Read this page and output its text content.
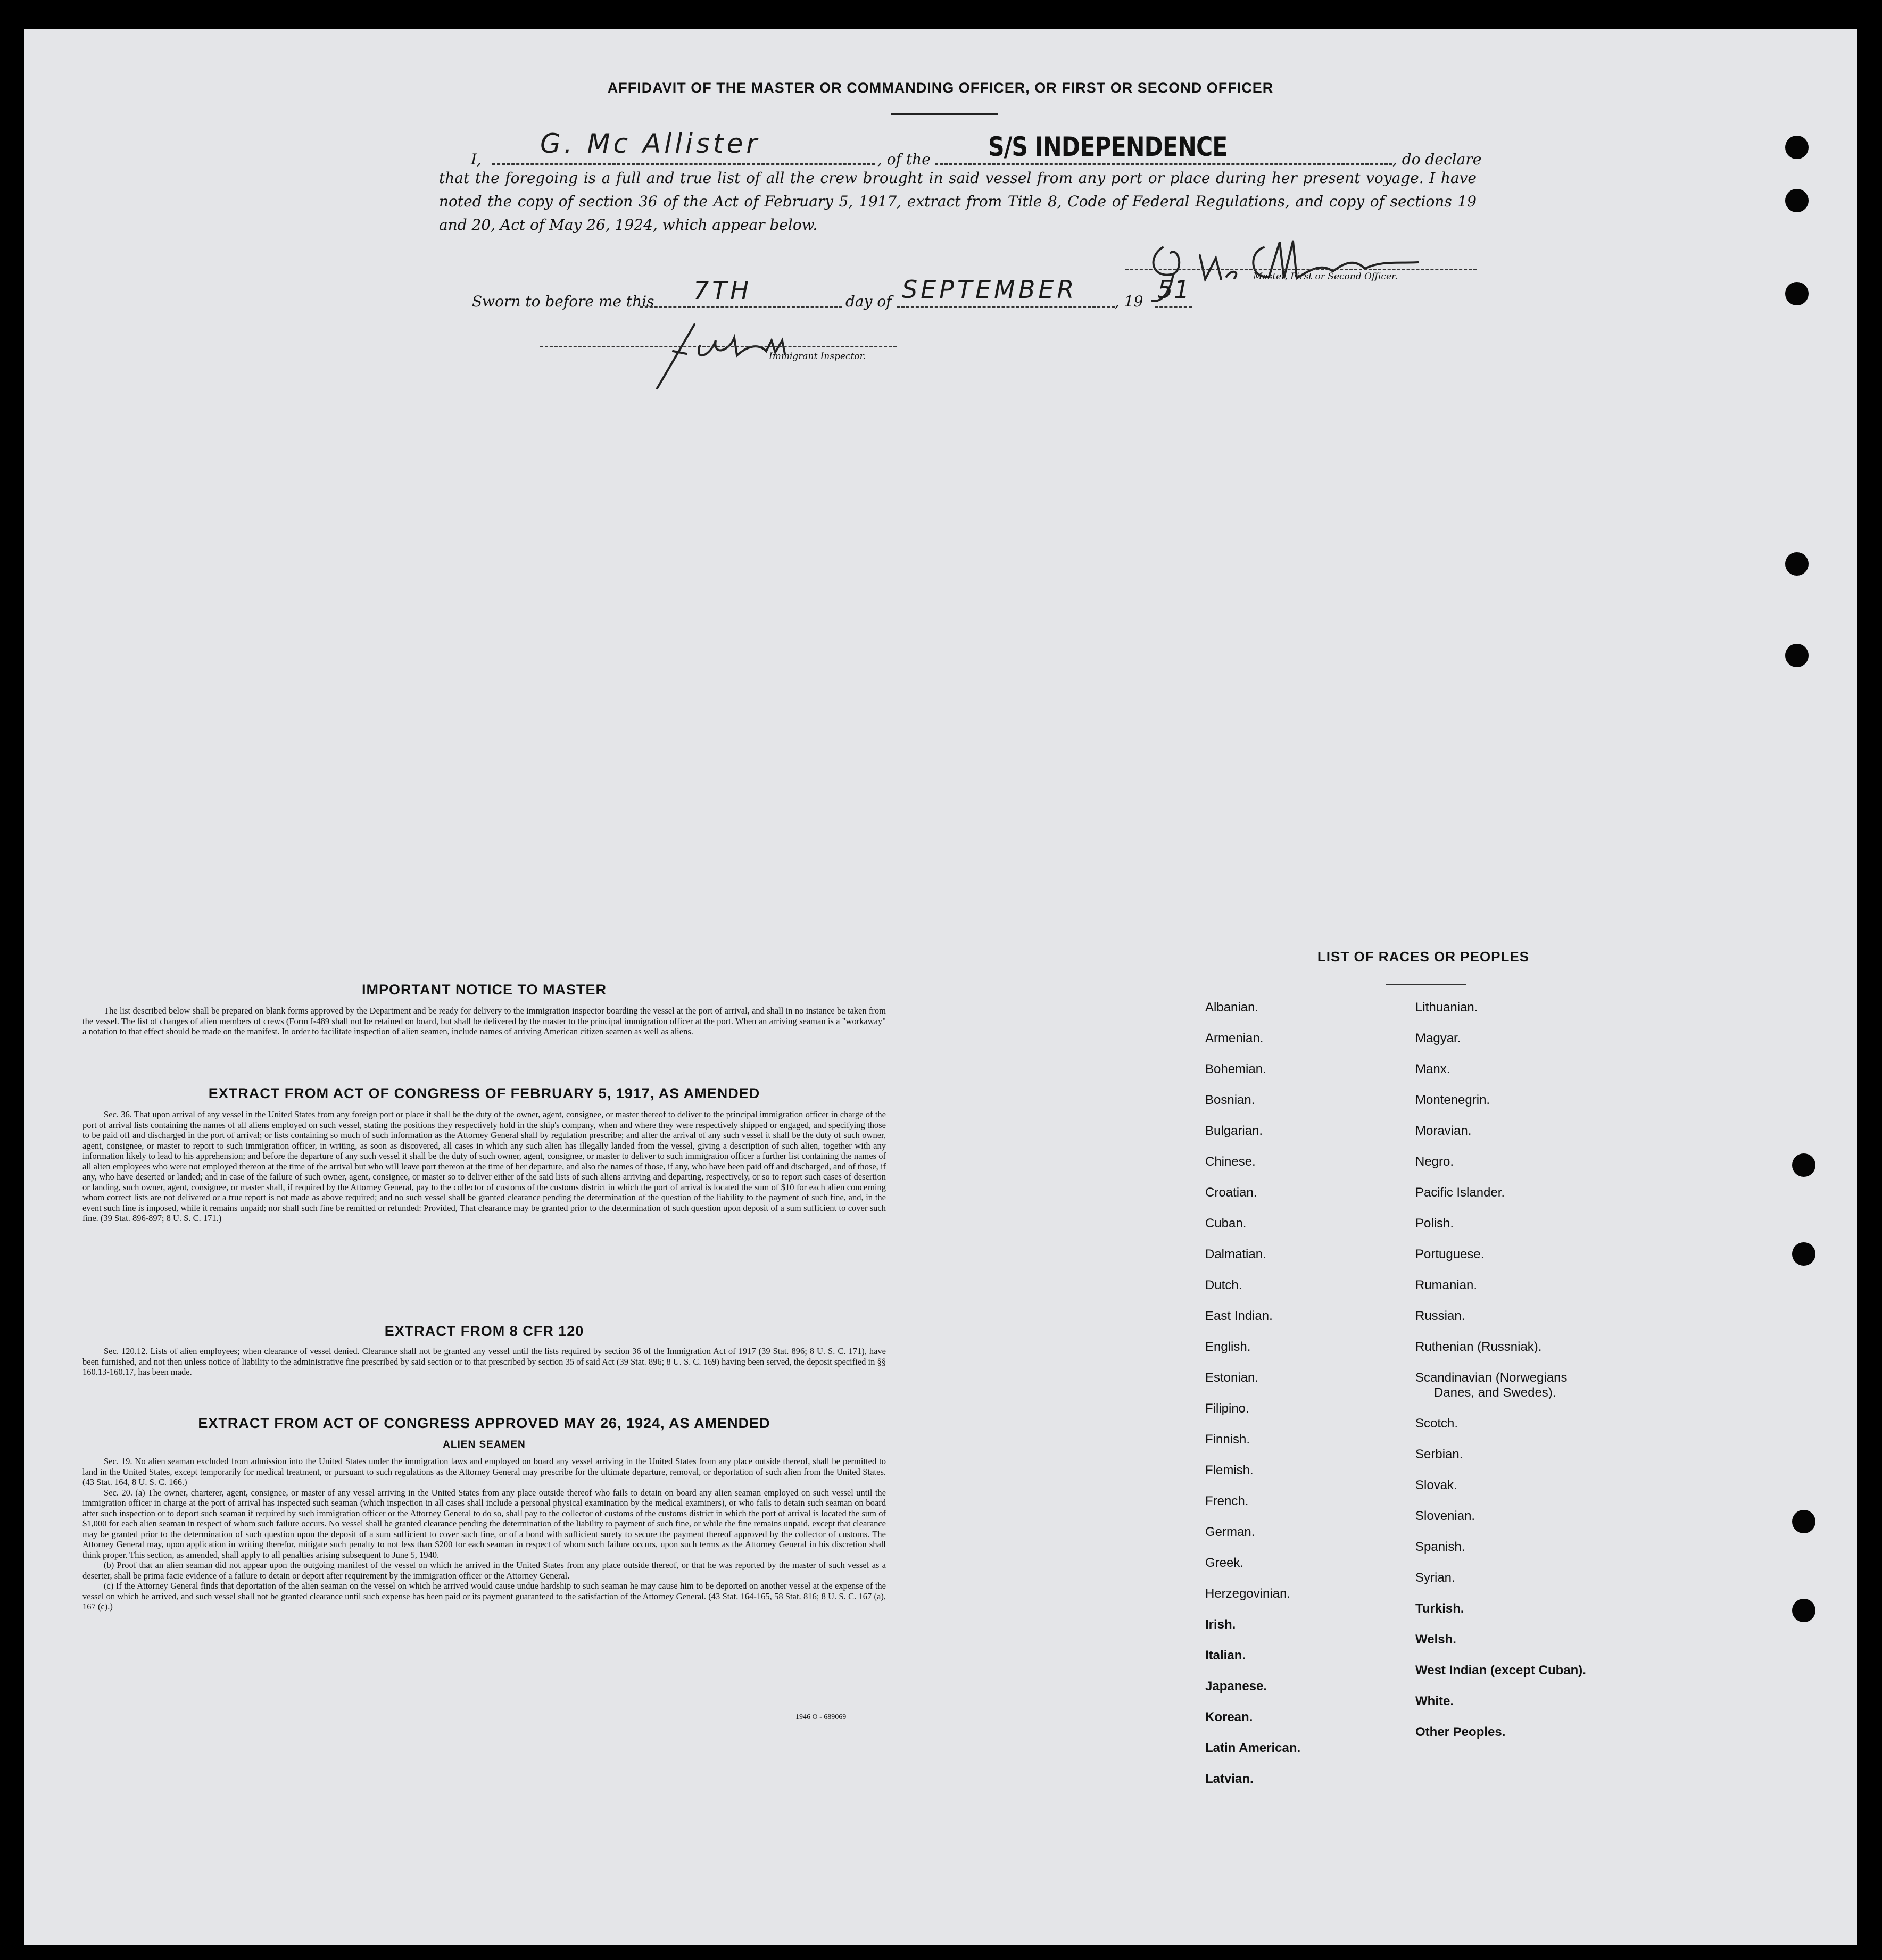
AFFIDAVIT OF THE MASTER OR COMMANDING OFFICER, OR FIRST OR SECOND OFFICER
I,
G. Mc Allister
, of the S/S INDEPENDENCE	, do declare
that the foregoing is a full and true list of all the crew brought in said vessel from any port or place during her present voyage. I have noted the copy of section 36 of the Act of February 5, 1917, extract from Title 8, Code of Federal Regulations, and copy of sections 19 and 20, Act of May 26, 1924, which appear below.
Master, First or Second Officer.
Sworn to before me this 7TH	day of SEPTEMBER	, 19 51
Immigrant Inspector.
IMPORTANT NOTICE TO MASTER

The list described below shall be prepared on blank forms approved by the Department and be ready for delivery to the immigration inspector boarding the vessel at the port of arrival, and shall in no instance be taken from the vessel. The list of changes of alien members of crews (Form I-489 shall not be retained on board, but shall be delivered by the master to the principal immigration officer at the port. When an arriving seaman is a "workaway" a notation to that effect should be made on the manifest. In order to facilitate inspection of alien seamen, include names of arriving American citizen seamen as well as aliens.

EXTRACT FROM ACT OF CONGRESS OF FEBRUARY 5, 1917, AS AMENDED

Sec. 36. That upon arrival of any vessel in the United States from any foreign port or place it shall be the duty of the owner, agent, consignee, or master thereof to deliver to the principal immigration officer in charge of the port of arrival lists containing the names of all aliens employed on such vessel, stating the positions they respectively hold in the ship's company, when and where they were respectively shipped or engaged, and specifying those to be paid off and discharged in the port of arrival; or lists containing so much of such information as the Attorney General shall by regulation prescribe; and after the arrival of any such vessel it shall be the duty of such owner, agent, consignee, or master to report to such immigration officer, in writing, as soon as discovered, all cases in which any such alien has illegally landed from the vessel, giving a description of such alien, together with any information likely to lead to his apprehension; and before the departure of any such vessel it shall be the duty of such owner, agent, consignee, or master to deliver to such immigration officer a further list containing the names of all alien employees who were not employed thereon at the time of the arrival but who will leave port thereon at the time of her departure, and also the names of those, if any, who have been paid off and discharged, and of those, if any, who have deserted or landed; and in case of the failure of such owner, agent, consignee, or master so to deliver either of the said lists of such aliens arriving and departing, respectively, or so to report such cases of desertion or landing, such owner, agent, consignee, or master shall, if required by the Attorney General, pay to the collector of customs of the customs district in which the port of arrival is located the sum of $10 for each alien concerning whom correct lists are not delivered or a true report is not made as above required; and no such vessel shall be granted clearance pending the determination of the question of the liability to the payment of such fine, and, in the event such fine is imposed, while it remains unpaid; nor shall such fine be remitted or refunded: Provided, That clearance may be granted prior to the determination of such question upon deposit of a sum sufficient to cover such fine. (39 Stat. 896-897; 8 U. S. C. 171.)

EXTRACT FROM 8 CFR 120

Sec. 120.12. Lists of alien employees; when clearance of vessel denied. Clearance shall not be granted any vessel until the lists required by section 36 of the Immigration Act of 1917 (39 Stat. 896; 8 U. S. C. 171), have been furnished, and not then unless notice of liability to the administrative fine prescribed by said section or to that prescribed by section 35 of said Act (39 Stat. 896; 8 U. S. C. 169) having been served, the deposit specified in §§ 160.13-160.17, has been made.

EXTRACT FROM ACT OF CONGRESS APPROVED MAY 26, 1924, AS AMENDED
ALIEN SEAMEN

Sec. 19. No alien seaman excluded from admission into the United States under the immigration laws and employed on board any vessel arriving in the United States from any place outside thereof, shall be permitted to land in the United States, except temporarily for medical treatment, or pursuant to such regulations as the Attorney General may prescribe for the ultimate departure, removal, or deportation of such alien from the United States. (43 Stat. 164, 8 U. S. C. 166.)

Sec. 20. (a) The owner, charterer, agent, consignee, or master of any vessel arriving in the United States from any place outside thereof who fails to detain on board any alien seaman employed on such vessel until the immigration officer in charge at the port of arrival has inspected such seaman (which inspection in all cases shall include a personal physical examination by the medical examiners), or who fails to detain such seaman on board after such inspection or to deport such seaman if required by such immigration officer or the Attorney General to do so, shall pay to the collector of customs of the customs district in which the port of arrival is located the sum of $1,000 for each alien seaman in respect of whom such failure occurs. No vessel shall be granted clearance pending the determination of the liability to payment of such fine, or while the fine remains unpaid, except that clearance may be granted prior to the determination of such question upon the deposit of a sum sufficient to cover such fine, or of a bond with sufficient surety to secure the payment thereof approved by the collector of customs. The Attorney General may, upon application in writing therefor, mitigate such penalty to not less than $200 for each seaman in respect of whom such failure occurs, upon such terms as the Attorney General in his discretion shall think proper. This section, as amended, shall apply to all penalties arising subsequent to June 5, 1940.

(b) Proof that an alien seaman did not appear upon the outgoing manifest of the vessel on which he arrived in the United States from any place outside thereof, or that he was reported by the master of such vessel as a deserter, shall be prima facie evidence of a failure to detain or deport after requirement by the immigration officer or the Attorney General.

(c) If the Attorney General finds that deportation of the alien seaman on the vessel on which he arrived would cause undue hardship to such seaman he may cause him to be deported on another vessel at the expense of the vessel on which he arrived, and such vessel shall not be granted clearance until such expense has been paid or its payment guaranteed to the satisfaction of the Attorney General. (43 Stat. 164-165, 58 Stat. 816; 8 U. S. C. 167 (a), 167 (c).)

1946 O - 689069
LIST OF RACES OR PEOPLES
Albanian.
Armenian.
Bohemian.
Bosnian.
Bulgarian.
Chinese.
Croatian.
Cuban.
Dalmatian.
Dutch.
East Indian.
English.
Estonian.
Filipino.
Finnish.
Flemish.
French.
German.
Greek.
Herzegovinian.
Irish.
Italian.
Japanese.
Korean.
Latin American.
Latvian.
Lithuanian.
Magyar.
Manx.
Montenegrin.
Moravian.
Negro.
Pacific Islander.
Polish.
Portuguese.
Rumanian.
Russian.
Ruthenian (Russniak).
Scandinavian (Norwegians
Danes, and Swedes).
Scotch.
Serbian.
Slovak.
Slovenian.
Spanish.
Syrian.
Turkish.
Welsh.
West Indian (except Cuban).
White.
Other Peoples.
